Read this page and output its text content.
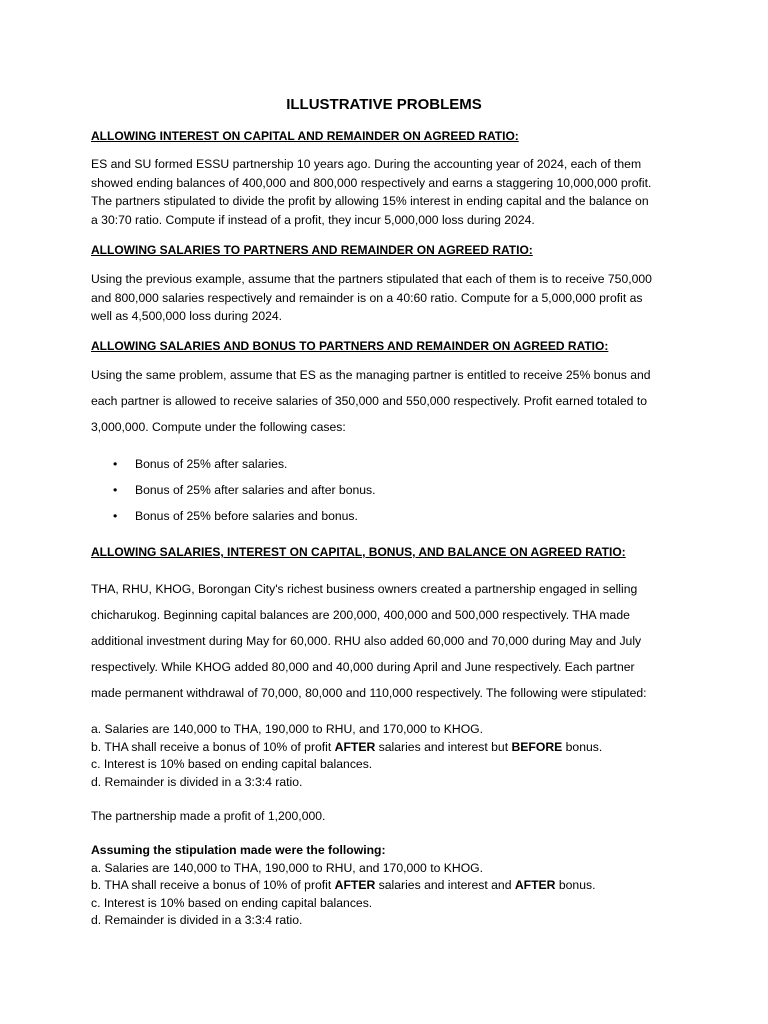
ILLUSTRATIVE PROBLEMS
ALLOWING INTEREST ON CAPITAL AND REMAINDER ON AGREED RATIO:
ES and SU formed ESSU partnership 10 years ago. During the accounting year of 2024, each of them
showed ending balances of 400,000 and 800,000 respectively and earns a staggering 10,000,000 profit.
The partners stipulated to divide the profit by allowing 15% interest in ending capital and the balance on
a 30:70 ratio. Compute if instead of a profit, they incur 5,000,000 loss during 2024.
ALLOWING SALARIES TO PARTNERS AND REMAINDER ON AGREED RATIO:
Using the previous example, assume that the partners stipulated that each of them is to receive 750,000
and 800,000 salaries respectively and remainder is on a 40:60 ratio. Compute for a 5,000,000 profit as
well as 4,500,000 loss during 2024.
ALLOWING SALARIES AND BONUS TO PARTNERS AND REMAINDER ON AGREED RATIO:
Using the same problem, assume that ES as the managing partner is entitled to receive 25% bonus and
each partner is allowed to receive salaries of 350,000 and 550,000 respectively. Profit earned totaled to
3,000,000. Compute under the following cases:
• Bonus of 25% after salaries.
• Bonus of 25% after salaries and after bonus.
• Bonus of 25% before salaries and bonus.
ALLOWING SALARIES, INTEREST ON CAPITAL, BONUS, AND BALANCE ON AGREED RATIO:
THA, RHU, KHOG, Borongan City's richest business owners created a partnership engaged in selling
chicharukog. Beginning capital balances are 200,000, 400,000 and 500,000 respectively. THA made
additional investment during May for 60,000. RHU also added 60,000 and 70,000 during May and July
respectively. While KHOG added 80,000 and 40,000 during April and June respectively. Each partner
made permanent withdrawal of 70,000, 80,000 and 110,000 respectively. The following were stipulated:
a. Salaries are 140,000 to THA, 190,000 to RHU, and 170,000 to KHOG.
b. THA shall receive a bonus of 10% of profit AFTER salaries and interest but BEFORE bonus.
c. Interest is 10% based on ending capital balances.
d. Remainder is divided in a 3:3:4 ratio.
The partnership made a profit of 1,200,000.
Assuming the stipulation made were the following:
a. Salaries are 140,000 to THA, 190,000 to RHU, and 170,000 to KHOG.
b. THA shall receive a bonus of 10% of profit AFTER salaries and interest and AFTER bonus.
c. Interest is 10% based on ending capital balances.
d. Remainder is divided in a 3:3:4 ratio.
